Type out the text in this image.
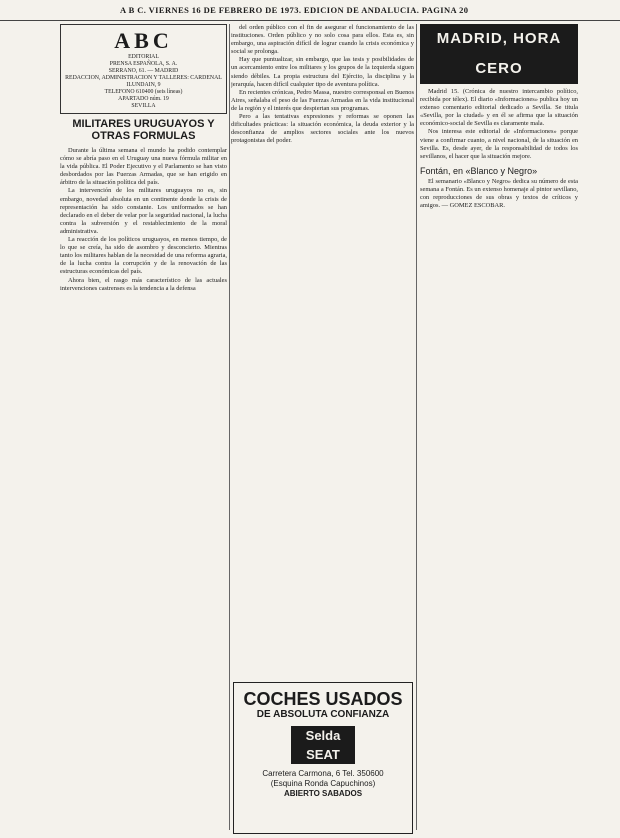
A B C. VIERNES 16 DE FEBRERO DE 1973. EDICION DE ANDALUCIA. PAGINA 20
ABC
EDITORIAL
PRENSA ESPAÑOLA, S. A.
SERRANO, 61. — MADRID
REDACCION, ADMINISTRACION Y TALLERES: CARDENAL ILUNDAIN, 9
TELEFONO 610400 (seis líneas)
APARTADO núm. 19
SEVILLA
MILITARES URUGUAYOS Y OTRAS FORMULAS

Durante la última semana el mundo ha podido contemplar cómo se abría paso en el Uruguay una nueva fórmula militar en la vida pública. El Poder Ejecutivo y el Parlamento se han visto desbordados por las Fuerzas Armadas, que se han erigido en árbitro de la situación política del país.

La intervención de los militares uruguayos no es, sin embargo, novedad absoluta en un continente donde la crisis de representación ha sido constante. Los uniformados se han declarado en el deber de velar por la seguridad nacional, la lucha contra la subversión y el restablecimiento de la moral administrativa.

La reacción de los políticos uruguayos, en menos tiempo, de lo que se creía, ha sido de asombro y desconcierto. Mientras tanto los militares hablan de la necesidad de una reforma agraria, de la lucha contra la corrupción y de la renovación de las estructuras económicas del país.

Ahora bien, el rasgo más característico de las actuales intervenciones castrenses es la tendencia a la defensa

del orden público con el fin de asegurar el funcionamiento de las instituciones. Orden público y no solo cosa para ellos. Esta es, sin embargo, una aspiración difícil de lograr cuando la crisis económica y social se prolonga.

Hay que puntualizar, sin embargo, que las tesis y posibilidades de un acercamiento entre los militares y los grupos de la izquierda siguen siendo débiles. La propia estructura del Ejército, la disciplina y la jerarquía, hacen difícil cualquier tipo de aventura política.

En recientes crónicas, Pedro Massa, nuestro corresponsal en Buenos Aires, señalaba el peso de las Fuerzas Armadas en la vida institucional de la región y el interés que despiertan sus programas.

Pero a las tentativas expresiones y reformas se oponen las dificultades prácticas: la situación económica, la deuda exterior y la desconfianza de amplios sectores sociales ante los nuevos protagonistas del poder.

COCHES USADOS
DE ABSOLUTA CONFIANZA
Selda
SEAT
Carretera Carmona, 6 Tel. 350600
(Esquina Ronda Capuchinos)
ABIERTO SABADOS
MADRID, HORA CERO

Madrid 15. (Crónica de nuestro intercambio político, recibida por télex). El diario «Informaciones» publica hoy un extenso comentario editorial dedicado a Sevilla. Se titula «Sevilla, por la ciudad» y en él se afirma que la situación económico-social de Sevilla es claramente mala.

Nos interesa este editorial de «Informaciones» porque viene a confirmar cuanto, a nivel nacional, de la situación en Sevilla. Es, desde ayer, de la responsabilidad de todos los sevillanos, el hacer que la situación mejore.

Fontán, en «Blanco y Negro»

El semanario «Blanco y Negro» dedica su número de esta semana a Fontán. Es un extenso homenaje al pintor sevillano, con reproducciones de sus obras y textos de críticos y amigos. — GOMEZ ESCOBAR.
